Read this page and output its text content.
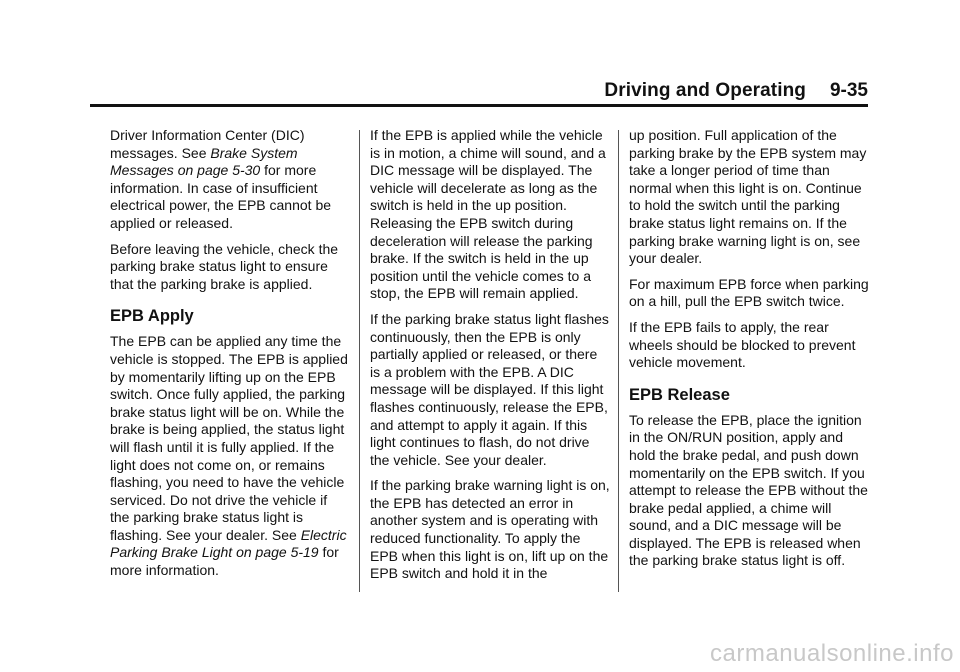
Driving and Operating 9-35

Driver Information Center (DIC) messages. See Brake System Messages on page 5-30 for more information. In case of insufficient electrical power, the EPB cannot be applied or released.

Before leaving the vehicle, check the parking brake status light to ensure that the parking brake is applied.

EPB Apply

The EPB can be applied any time the vehicle is stopped. The EPB is applied by momentarily lifting up on the EPB switch. Once fully applied, the parking brake status light will be on. While the brake is being applied, the status light will flash until it is fully applied. If the light does not come on, or remains flashing, you need to have the vehicle serviced. Do not drive the vehicle if the parking brake status light is flashing. See your dealer. See Electric Parking Brake Light on page 5-19 for more information.

If the EPB is applied while the vehicle is in motion, a chime will sound, and a DIC message will be displayed. The vehicle will decelerate as long as the switch is held in the up position. Releasing the EPB switch during deceleration will release the parking brake. If the switch is held in the up position until the vehicle comes to a stop, the EPB will remain applied.

If the parking brake status light flashes continuously, then the EPB is only partially applied or released, or there is a problem with the EPB. A DIC message will be displayed. If this light flashes continuously, release the EPB, and attempt to apply it again. If this light continues to flash, do not drive the vehicle. See your dealer.

If the parking brake warning light is on, the EPB has detected an error in another system and is operating with reduced functionality. To apply the EPB when this light is on, lift up on the EPB switch and hold it in the

up position. Full application of the parking brake by the EPB system may take a longer period of time than normal when this light is on. Continue to hold the switch until the parking brake status light remains on. If the parking brake warning light is on, see your dealer.

For maximum EPB force when parking on a hill, pull the EPB switch twice.

If the EPB fails to apply, the rear wheels should be blocked to prevent vehicle movement.

EPB Release

To release the EPB, place the ignition in the ON/RUN position, apply and hold the brake pedal, and push down momentarily on the EPB switch. If you attempt to release the EPB without the brake pedal applied, a chime will sound, and a DIC message will be displayed. The EPB is released when the parking brake status light is off.

carmanualsonline.info
